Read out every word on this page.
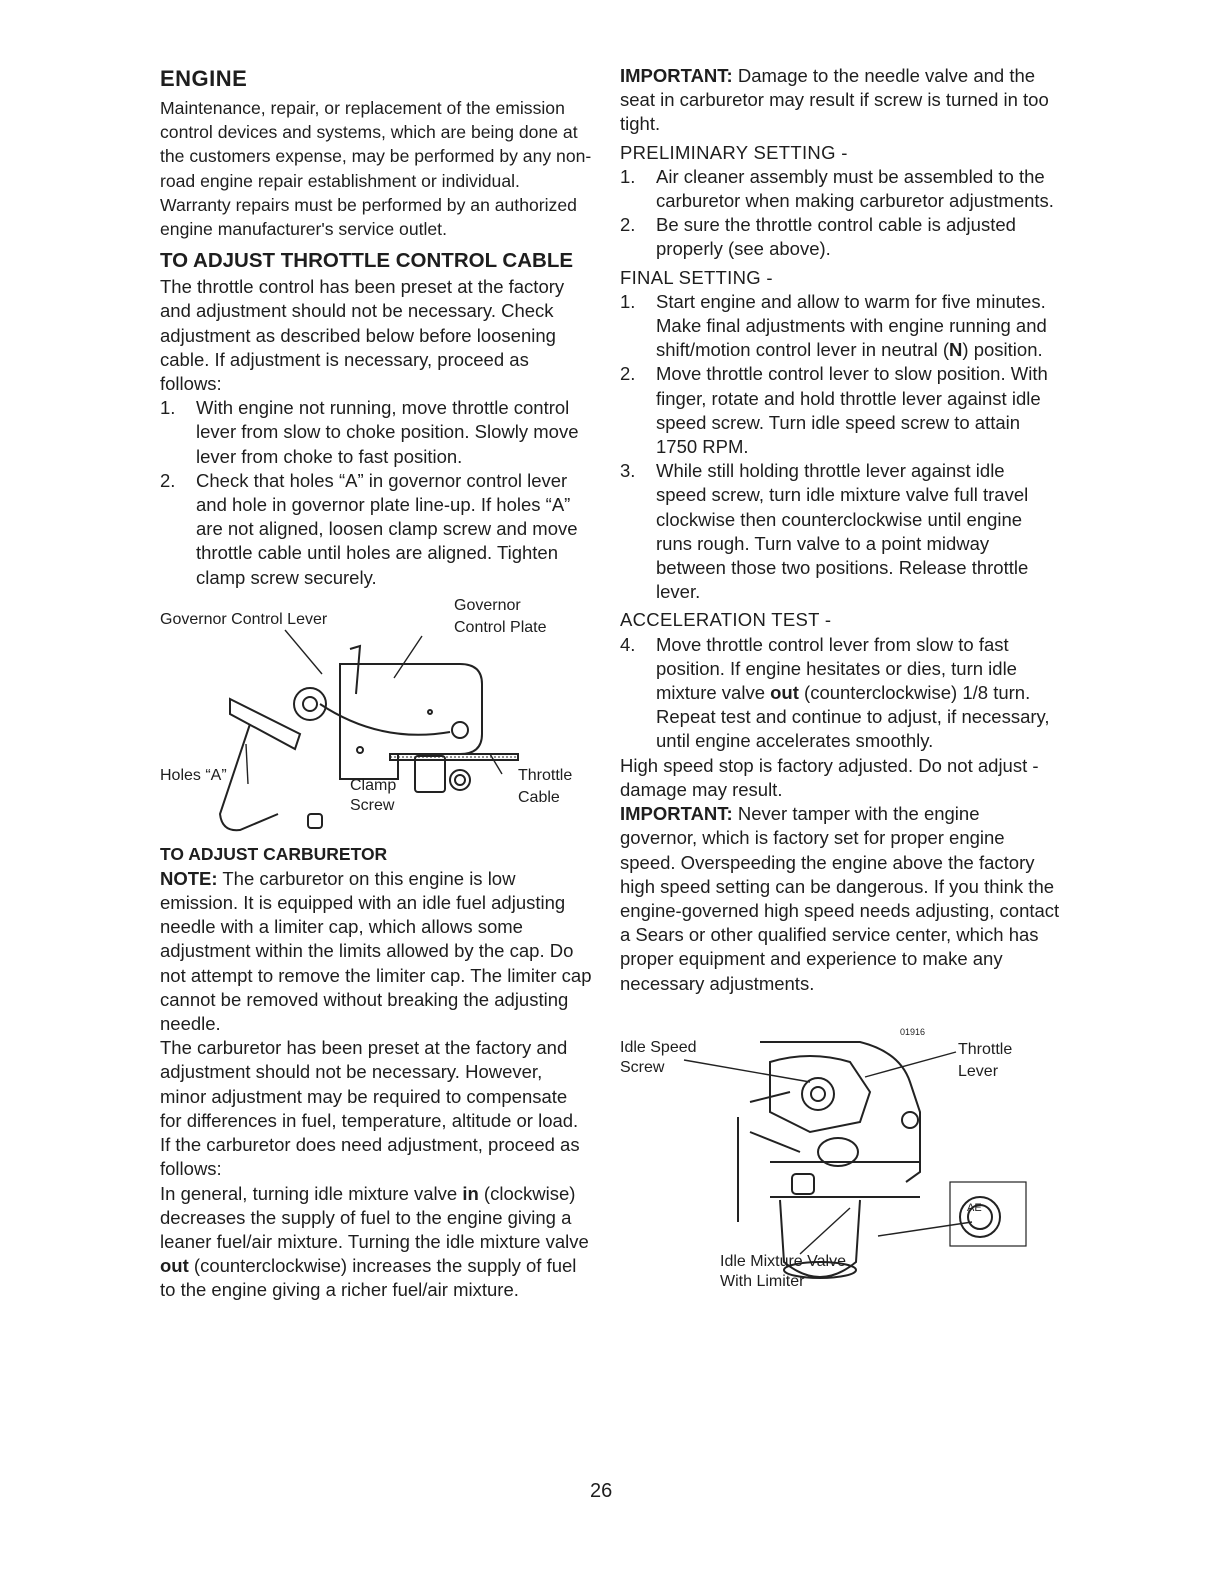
ENGINE

Maintenance, repair, or replacement of the emission control devices and systems, which are being done at the customers expense, may be performed by any non-road engine repair establishment or individual. Warranty repairs must be performed by an authorized engine manufacturer's service outlet.

TO ADJUST THROTTLE CONTROL CABLE

The throttle control has been preset at the factory and adjustment should not be necessary. Check adjustment as described below before loosening cable. If adjustment is necessary, proceed as follows:

1. With engine not running, move throttle control lever from slow to choke position. Slowly move lever from choke to fast position.
2. Check that holes “A” in governor control lever and hole in governor plate line-up. If holes “A” are not aligned, loosen clamp screw and move throttle cable until holes are aligned. Tighten clamp screw securely.
Governor Control Lever
Governor
Control Plate
Holes “A”
Clamp
Screw
Throttle
Cable
TO ADJUST CARBURETOR

NOTE: The carburetor on this engine is low emission. It is equipped with an idle fuel adjusting needle with a limiter cap, which allows some adjustment within the limits allowed by the cap. Do not attempt to remove the limiter cap. The limiter cap cannot be removed without breaking the adjusting needle.

The carburetor has been preset at the factory and adjustment should not be necessary. However, minor adjustment may be required to compensate for differences in fuel, temperature, altitude or load. If the carburetor does need adjustment, proceed as follows:

In general, turning idle mixture valve in (clockwise) decreases the supply of fuel to the engine giving a leaner fuel/air mixture. Turning the idle mixture valve out (counterclockwise) increases the supply of fuel to the engine giving a richer fuel/air mixture.

IMPORTANT: Damage to the needle valve and the seat in carburetor may result if screw is turned in too tight.

PRELIMINARY SETTING -
1. Air cleaner assembly must be assembled to the carburetor when making carburetor adjustments.
2. Be sure the throttle control cable is adjusted properly (see above).
FINAL SETTING -
1. Start engine and allow to warm for five minutes. Make final adjustments with engine running and shift/motion control lever in neutral (N) position.
2. Move throttle control lever to slow position. With finger, rotate and hold throttle lever against idle speed screw. Turn idle speed screw to attain 1750 RPM.
3. While still holding throttle lever against idle speed screw, turn idle mixture valve full travel clockwise then counterclockwise until engine runs rough. Turn valve to a point midway between those two positions. Release throttle lever.
ACCELERATION TEST -
4. Move throttle control lever from slow to fast position. If engine hesitates or dies, turn idle mixture valve out (counterclockwise) 1/8 turn. Repeat test and continue to adjust, if necessary, until engine accelerates smoothly.

High speed stop is factory adjusted. Do not adjust - damage may result.

IMPORTANT: Never tamper with the engine governor, which is factory set for proper engine speed. Overspeeding the engine above the factory high speed setting can be dangerous. If you think the engine-governed high speed needs adjusting, contact a Sears or other qualified service center, which has proper equipment and experience to make any necessary adjustments.

Idle Speed
Screw
Throttle
Lever
01916
AE
Idle Mixture Valve
With Limiter
26
